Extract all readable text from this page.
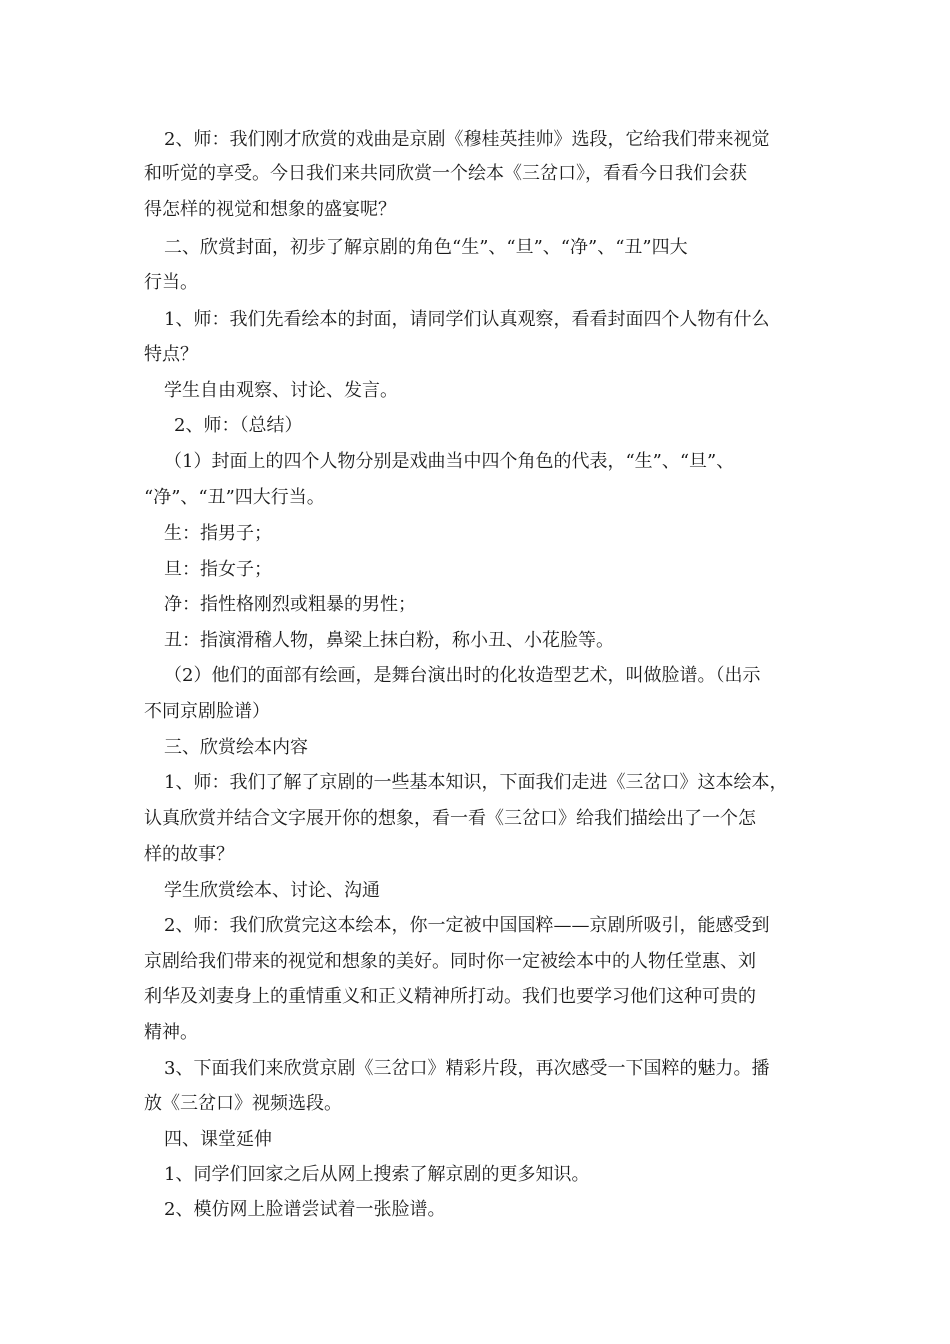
2、师：我们刚才欣赏的戏曲是京剧《穆桂英挂帅》选段，它给我们带来视觉
和听觉的享受。今日我们来共同欣赏一个绘本《三岔口》，看看今日我们会获
得怎样的视觉和想象的盛宴呢？
二、欣赏封面，初步了解京剧的角色“生”、“旦”、“净”、“丑”四大
行当。
1、师：我们先看绘本的封面，请同学们认真观察，看看封面四个人物有什么
特点？
学生自由观察、讨论、发言。
2、师：（总结）
（1）封面上的四个人物分别是戏曲当中四个角色的代表，“生”、“旦”、
“净”、“丑”四大行当。
生：指男子；
旦：指女子；
净：指性格刚烈或粗暴的男性；
丑：指演滑稽人物，鼻梁上抹白粉，称小丑、小花脸等。
（2）他们的面部有绘画，是舞台演出时的化妆造型艺术，叫做脸谱。（出示
不同京剧脸谱）
三、欣赏绘本内容
1、师：我们了解了京剧的一些基本知识，下面我们走进《三岔口》这本绘本，
认真欣赏并结合文字展开你的想象，看一看《三岔口》给我们描绘出了一个怎
样的故事？
学生欣赏绘本、讨论、沟通
2、师：我们欣赏完这本绘本，你一定被中国国粹——京剧所吸引，能感受到
京剧给我们带来的视觉和想象的美好。同时你一定被绘本中的人物任堂惠、刘
利华及刘妻身上的重情重义和正义精神所打动。我们也要学习他们这种可贵的
精神。
3、下面我们来欣赏京剧《三岔口》精彩片段，再次感受一下国粹的魅力。播
放《三岔口》视频选段。
四、课堂延伸
1、同学们回家之后从网上搜索了解京剧的更多知识。
2、模仿网上脸谱尝试着一张脸谱。
